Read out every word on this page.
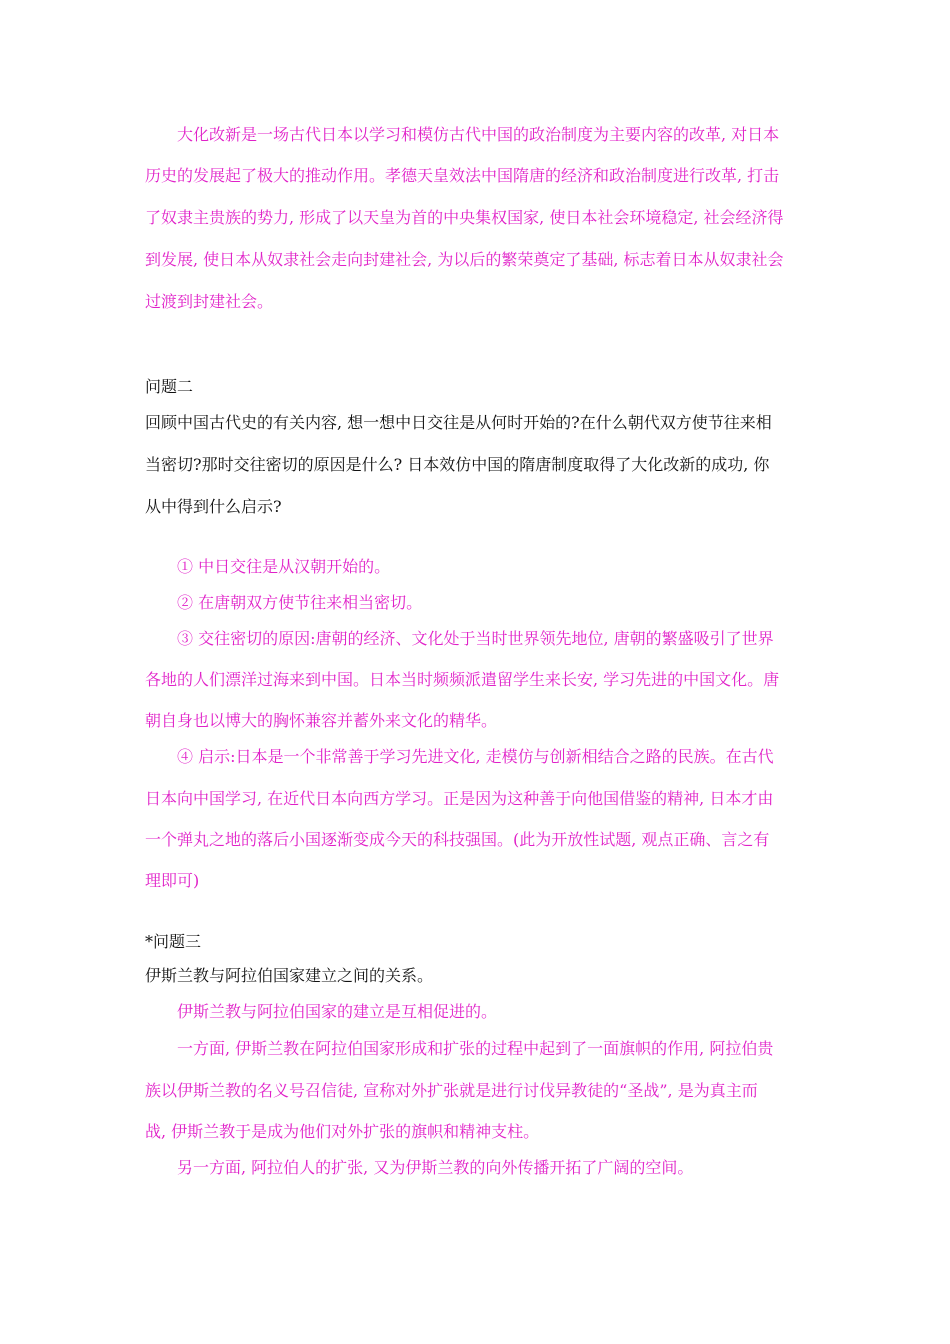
大化改新是一场古代日本以学习和模仿古代中国的政治制度为主要内容的改革, 对日本
历史的发展起了极大的推动作用。孝德天皇效法中国隋唐的经济和政治制度进行改革, 打击
了奴隶主贵族的势力, 形成了以天皇为首的中央集权国家, 使日本社会环境稳定, 社会经济得
到发展, 使日本从奴隶社会走向封建社会, 为以后的繁荣奠定了基础, 标志着日本从奴隶社会
过渡到封建社会。
问题二
回顾中国古代史的有关内容, 想一想中日交往是从何时开始的?在什么朝代双方使节往来相
当密切?那时交往密切的原因是什么? 日本效仿中国的隋唐制度取得了大化改新的成功, 你
从中得到什么启示?
① 中日交往是从汉朝开始的。
② 在唐朝双方使节往来相当密切。
③ 交往密切的原因:唐朝的经济、文化处于当时世界领先地位, 唐朝的繁盛吸引了世界
各地的人们漂洋过海来到中国。日本当时频频派遣留学生来长安, 学习先进的中国文化。唐
朝自身也以博大的胸怀兼容并蓄外来文化的精华。
④ 启示:日本是一个非常善于学习先进文化, 走模仿与创新相结合之路的民族。在古代
日本向中国学习, 在近代日本向西方学习。正是因为这种善于向他国借鉴的精神, 日本才由
一个弹丸之地的落后小国逐渐变成今天的科技强国。(此为开放性试题, 观点正确、言之有
理即可)
*问题三
伊斯兰教与阿拉伯国家建立之间的关系。
伊斯兰教与阿拉伯国家的建立是互相促进的。
一方面, 伊斯兰教在阿拉伯国家形成和扩张的过程中起到了一面旗帜的作用, 阿拉伯贵
族以伊斯兰教的名义号召信徒, 宣称对外扩张就是进行讨伐异教徒的“圣战”, 是为真主而
战, 伊斯兰教于是成为他们对外扩张的旗帜和精神支柱。
另一方面, 阿拉伯人的扩张, 又为伊斯兰教的向外传播开拓了广阔的空间。
